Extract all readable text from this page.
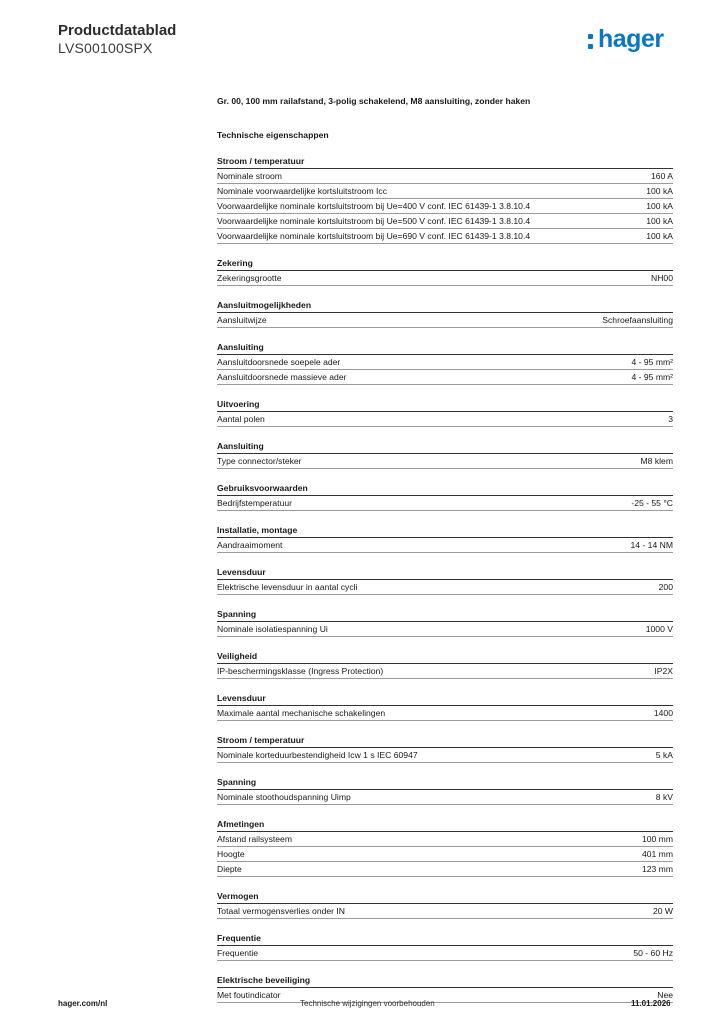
Productdatablad
LVS00100SPX	hager
Gr. 00, 100 mm railafstand, 3-polig schakelend, M8 aansluiting, zonder haken
Technische eigenschappen
Stroom / temperatuur
Nominale stroom	160 A
Nominale voorwaardelijke kortsluitstroom Icc	100 kA
Voorwaardelijke nominale kortsluitstroom bij Ue=400 V conf. IEC 61439-1 3.8.10.4	100 kA
Voorwaardelijke nominale kortsluitstroom bij Ue=500 V conf. IEC 61439-1 3.8.10.4	100 kA
Voorwaardelijke nominale kortsluitstroom bij Ue=690 V conf. IEC 61439-1 3.8.10.4	100 kA
Zekering
Zekeringsgrootte	NH00
Aansluitmogelijkheden
Aansluitwijze	Schroefaansluiting
Aansluiting
Aansluitdoorsnede soepele ader	4 - 95 mm²
Aansluitdoorsnede massieve ader	4 - 95 mm²
Uitvoering
Aantal polen	3
Aansluiting
Type connector/steker	M8 klem
Gebruiksvoorwaarden
Bedrijfstemperatuur	-25 - 55 °C
Installatie, montage
Aandraaimoment	14 - 14 NM
Levensduur
Elektrische levensduur in aantal cycli	200
Spanning
Nominale isolatiespanning Ui	1000 V
Veiligheid
IP-beschermingsklasse (Ingress Protection)	IP2X
Levensduur
Maximale aantal mechanische schakelingen	1400
Stroom / temperatuur
Nominale korteduurbestendigheid Icw 1 s IEC 60947	5 kA
Spanning
Nominale stoothoudspanning Uimp	8 kV
Afmetingen
Afstand railsysteem	100 mm
Hoogte	401 mm
Diepte	123 mm
Vermogen
Totaal vermogensverlies onder IN	20 W
Frequentie
Frequentie	50 - 60 Hz
Elektrische beveiliging
Met foutindicator	Nee
hager.com/nl	Technische wijzigingen voorbehouden	11.01.2026
